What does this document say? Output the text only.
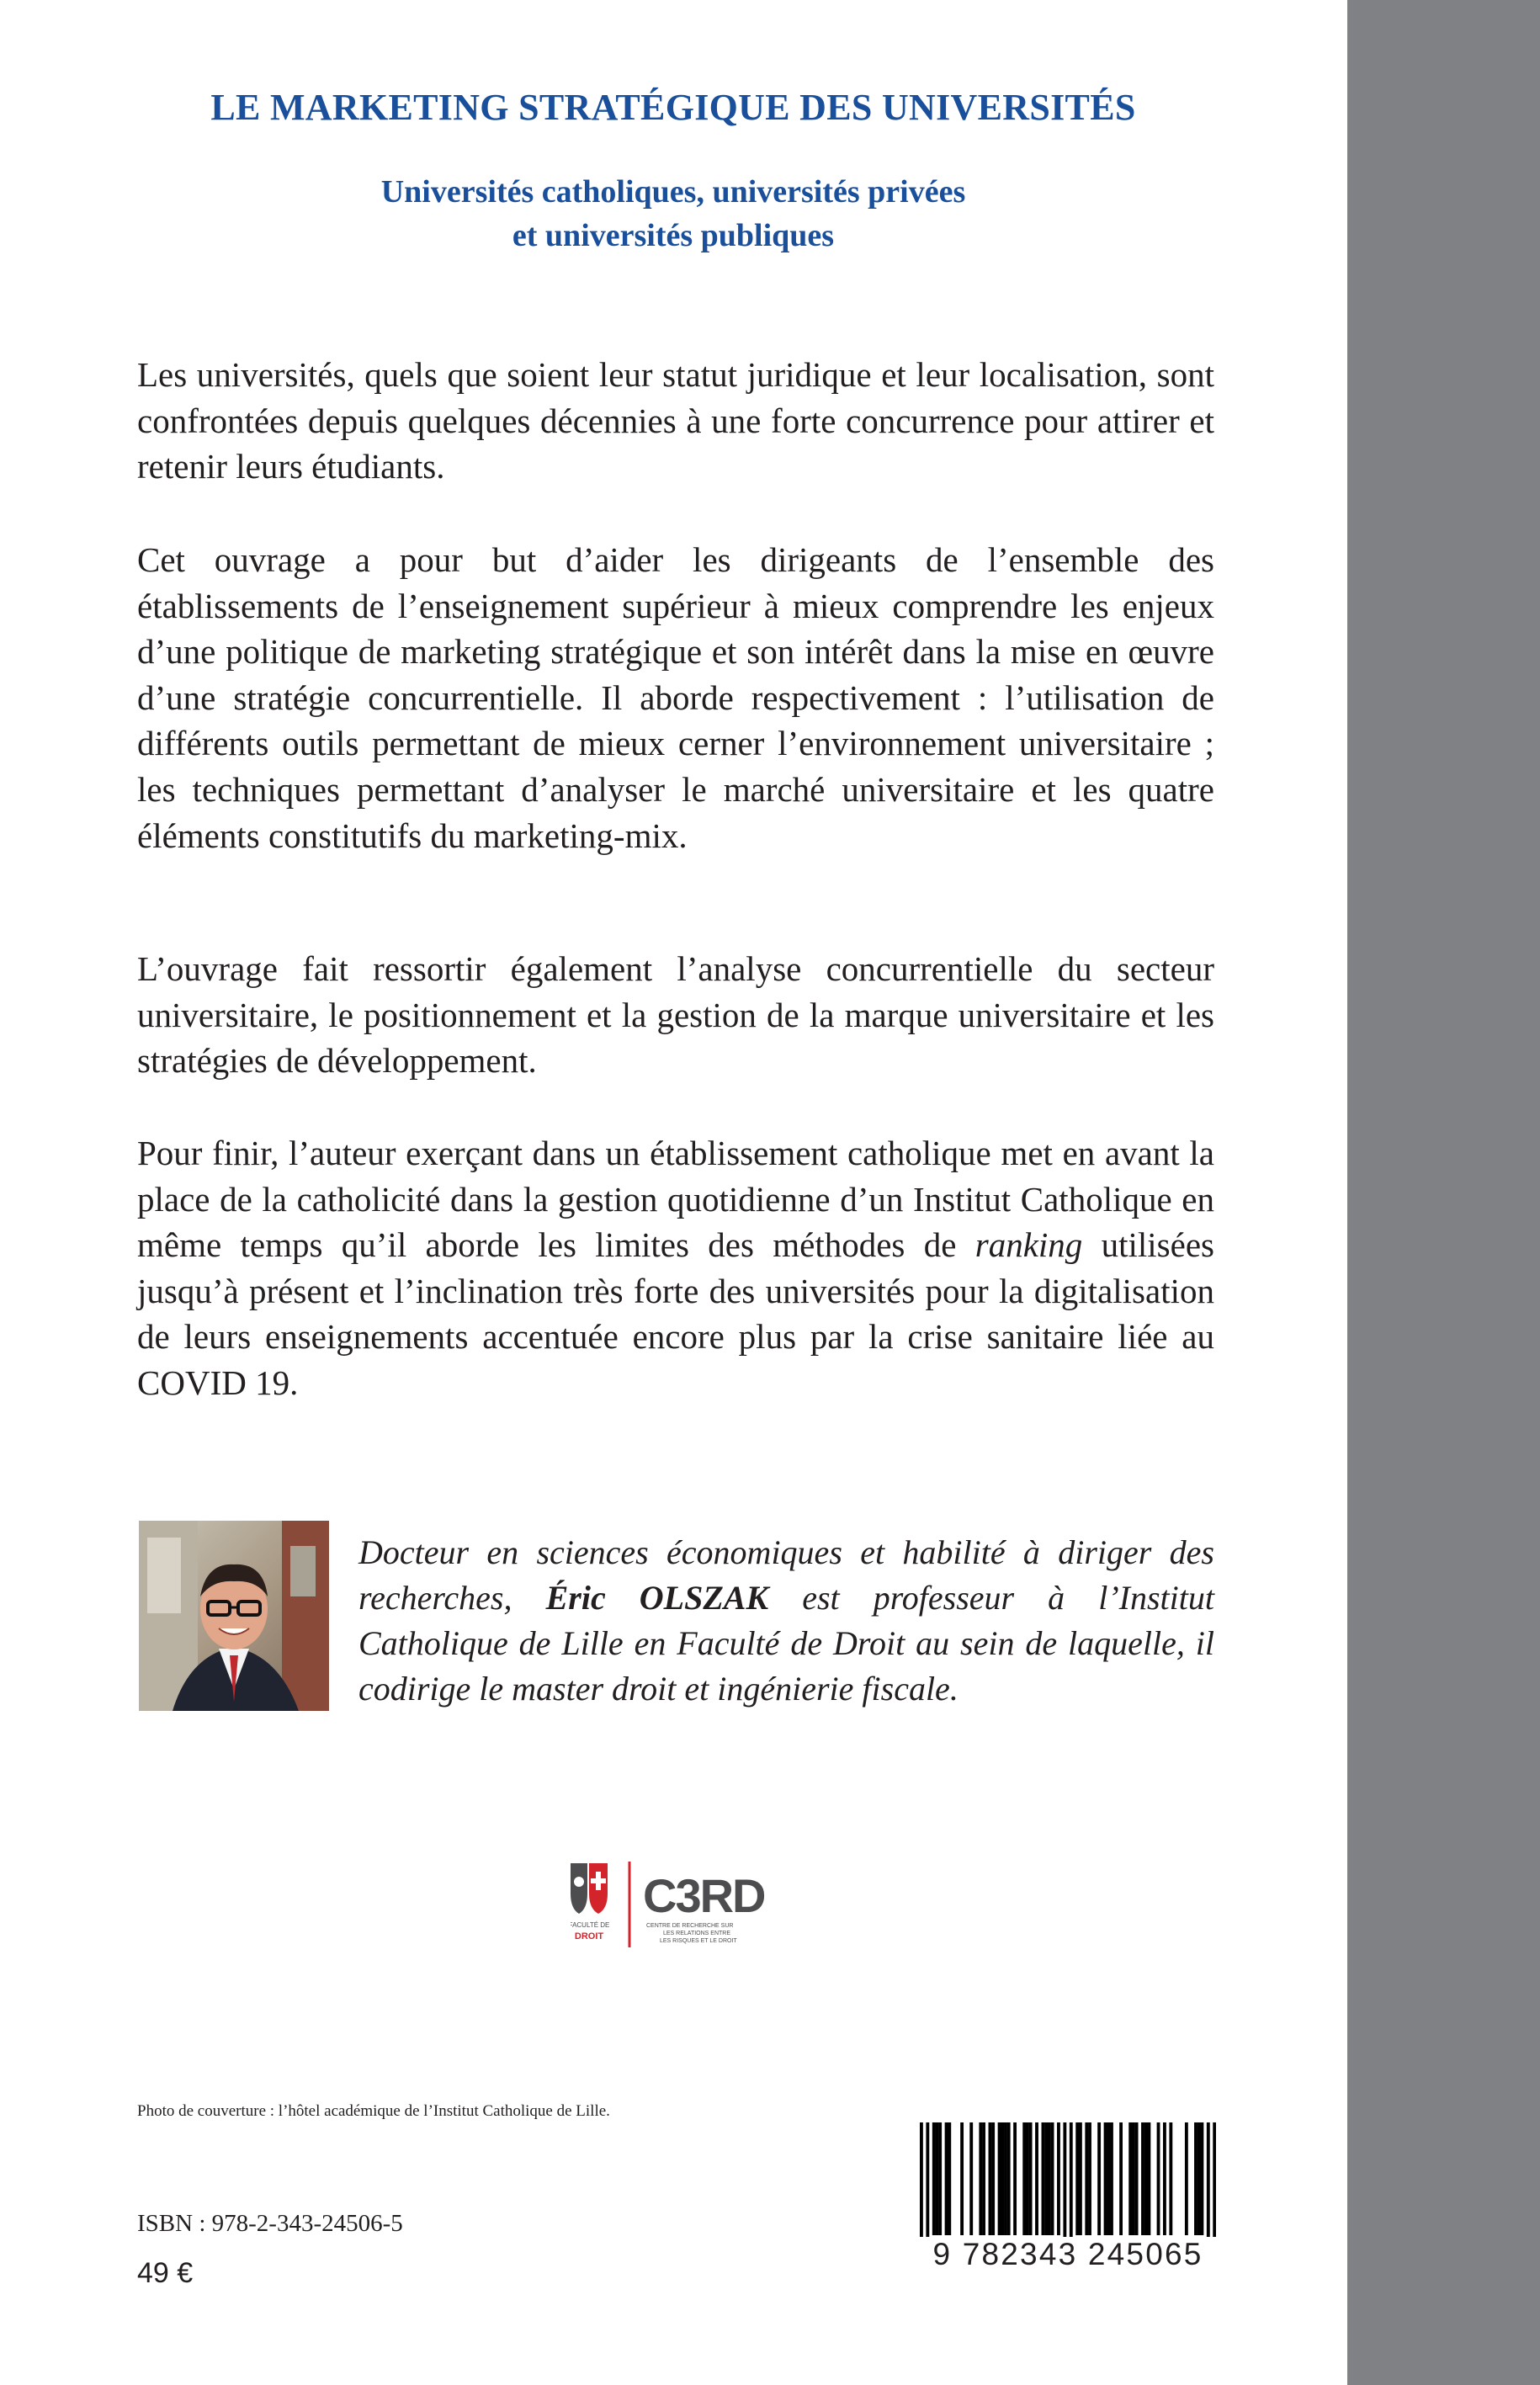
LE MARKETING STRATÉGIQUE DES UNIVERSITÉS
Universités catholiques, universités privées
et universités publiques

Les universités, quels que soient leur statut juridique et leur localisation, sont confrontées depuis quelques décennies à une forte concurrence pour attirer et retenir leurs étudiants.

Cet ouvrage a pour but d’aider les dirigeants de l’ensemble des établissements de l’enseignement supérieur à mieux comprendre les enjeux d’une politique de marketing stratégique et son intérêt dans la mise en œuvre d’une stratégie concurrentielle. Il aborde respectivement : l’utilisation de différents outils permettant de mieux cerner l’environnement universitaire ; les techniques permettant d’analyser le marché universitaire et les quatre éléments constitutifs du marketing-mix.

L’ouvrage fait ressortir également l’analyse concurrentielle du secteur universitaire, le positionnement et la gestion de la marque universitaire et les stratégies de développement.

Pour finir, l’auteur exerçant dans un établissement catholique met en avant la place de la catholicité dans la gestion quotidienne d’un Institut Catholique en même temps qu’il aborde les limites des méthodes de ranking utilisées jusqu’à présent et l’inclination très forte des universités pour la digitalisation de leurs enseignements accentuée encore plus par la crise sanitaire liée au COVID 19.

Docteur en sciences économiques et habilité à diriger des recherches, Éric OLSZAK est professeur à l’Institut Catholique de Lille en Faculté de Droit au sein de laquelle, il codirige le master droit et ingénierie fiscale.
FACULTÉ DE
DROIT
C3RD
CENTRE DE RECHERCHE SUR
LES RELATIONS ENTRE
LES RISQUES ET LE DROIT
Photo de couverture : l’hôtel académique de l’Institut Catholique de Lille.
ISBN : 978-2-343-24506-5
49 €
9 782343 245065
